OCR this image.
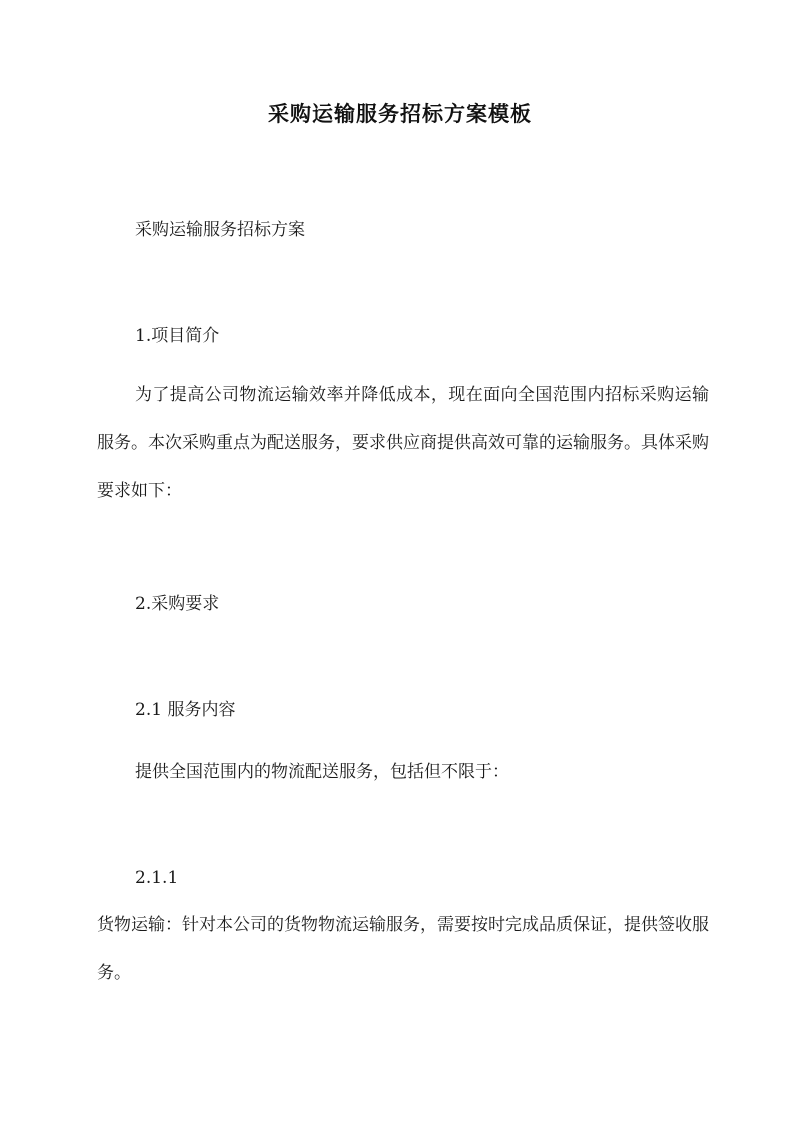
采购运输服务招标方案模板
采购运输服务招标方案
1.项目简介
为了提高公司物流运输效率并降低成本，现在面向全国范围内招标采购运输服务。本次采购重点为配送服务，要求供应商提供高效可靠的运输服务。具体采购要求如下：
2.采购要求
2.1 服务内容
提供全国范围内的物流配送服务，包括但不限于：
2.1.1
货物运输：针对本公司的货物物流运输服务，需要按时完成品质保证，提供签收服务。
